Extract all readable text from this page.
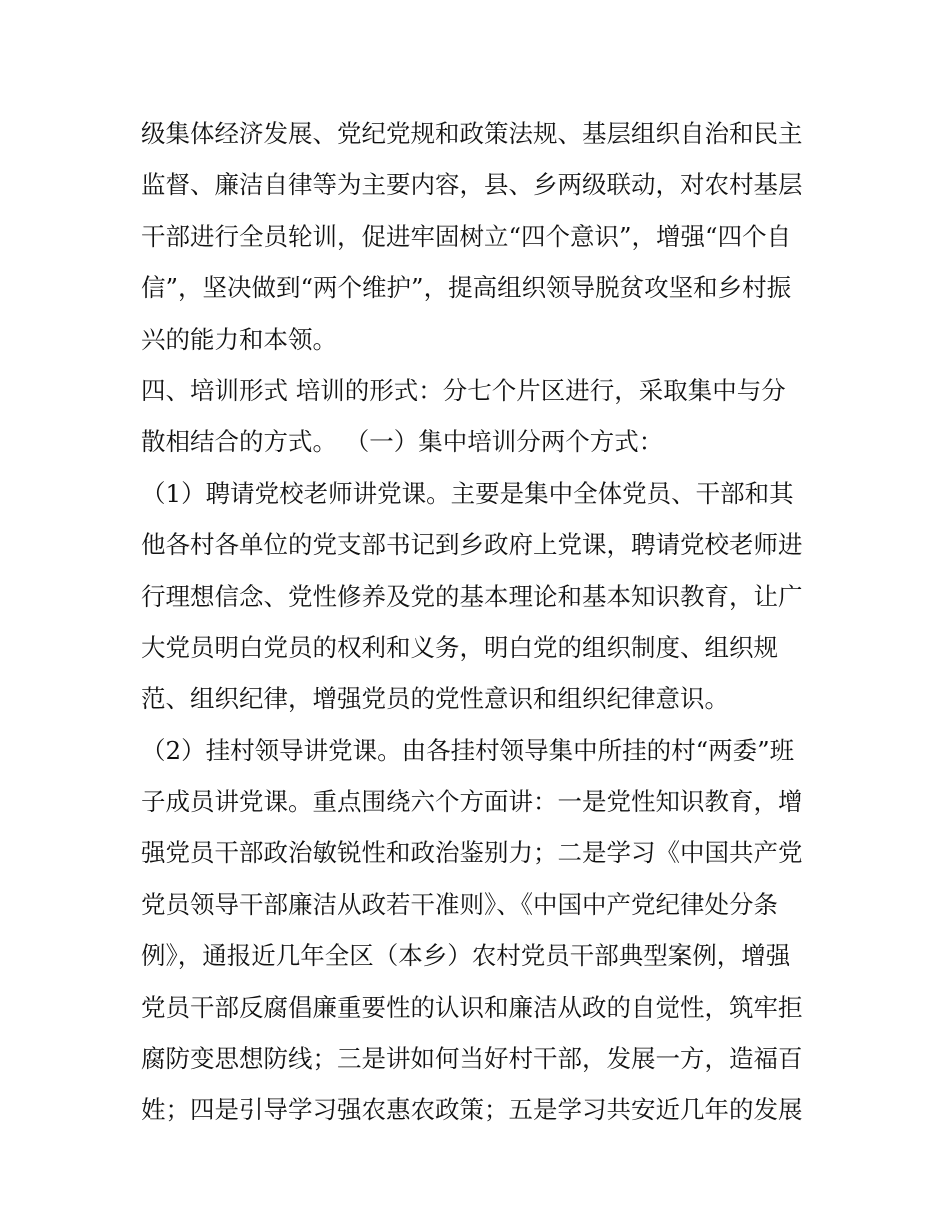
级集体经济发展、党纪党规和政策法规、基层组织自治和民主
监督、廉洁自律等为主要内容，县、乡两级联动，对农村基层
干部进行全员轮训，促进牢固树立“四个意识”，增强“四个自
信”，坚决做到“两个维护”，提高组织领导脱贫攻坚和乡村振
兴的能力和本领。
四、培训形式 培训的形式：分七个片区进行，采取集中与分
散相结合的方式。 （一）集中培训分两个方式：
（1）聘请党校老师讲党课。主要是集中全体党员、干部和其
他各村各单位的党支部书记到乡政府上党课，聘请党校老师进
行理想信念、党性修养及党的基本理论和基本知识教育，让广
大党员明白党员的权利和义务，明白党的组织制度、组织规
范、组织纪律，增强党员的党性意识和组织纪律意识。
（2）挂村领导讲党课。由各挂村领导集中所挂的村“两委”班
子成员讲党课。重点围绕六个方面讲：一是党性知识教育，增
强党员干部政治敏锐性和政治鉴别力；二是学习《中国共产党
党员领导干部廉洁从政若干准则》、《中国中产党纪律处分条
例》，通报近几年全区（本乡）农村党员干部典型案例，增强
党员干部反腐倡廉重要性的认识和廉洁从政的自觉性，筑牢拒
腐防变思想防线；三是讲如何当好村干部，发展一方，造福百
姓；四是引导学习强农惠农政策；五是学习共安近几年的发展
